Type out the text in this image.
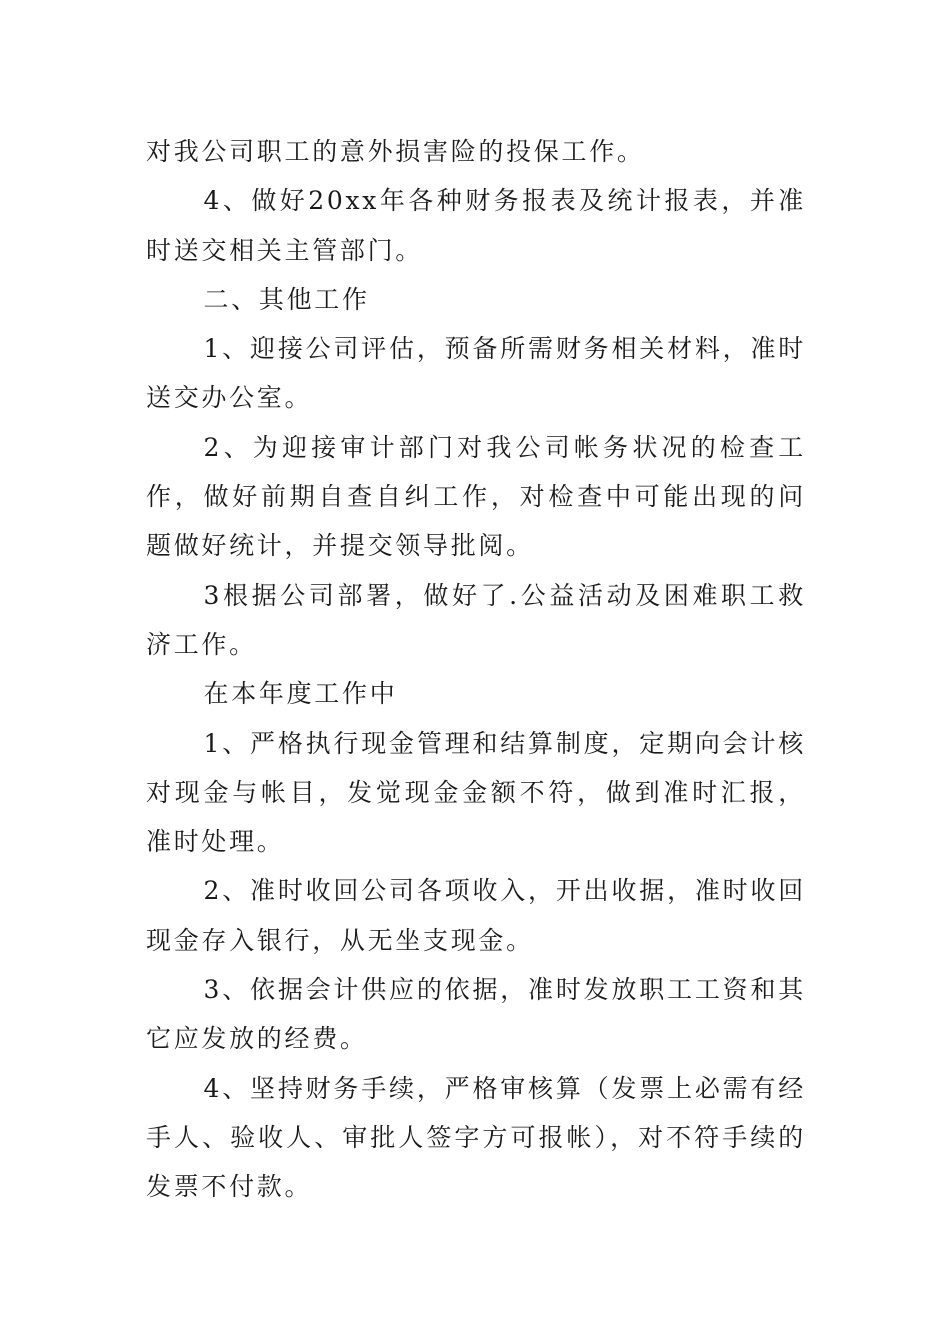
对我公司职工的意外损害险的投保工作。

4、做好20xx年各种财务报表及统计报表，并准时送交相关主管部门。

二、其他工作

1、迎接公司评估，预备所需财务相关材料，准时送交办公室。

2、为迎接审计部门对我公司帐务状况的检查工作，做好前期自查自纠工作，对检查中可能出现的问题做好统计，并提交领导批阅。

3根据公司部署，做好了.公益活动及困难职工救济工作。

在本年度工作中

1、严格执行现金管理和结算制度，定期向会计核对现金与帐目，发觉现金金额不符，做到准时汇报，准时处理。

2、准时收回公司各项收入，开出收据，准时收回现金存入银行，从无坐支现金。

3、依据会计供应的依据，准时发放职工工资和其它应发放的经费。

4、坚持财务手续，严格审核算（发票上必需有经手人、验收人、审批人签字方可报帐），对不符手续的发票不付款。
